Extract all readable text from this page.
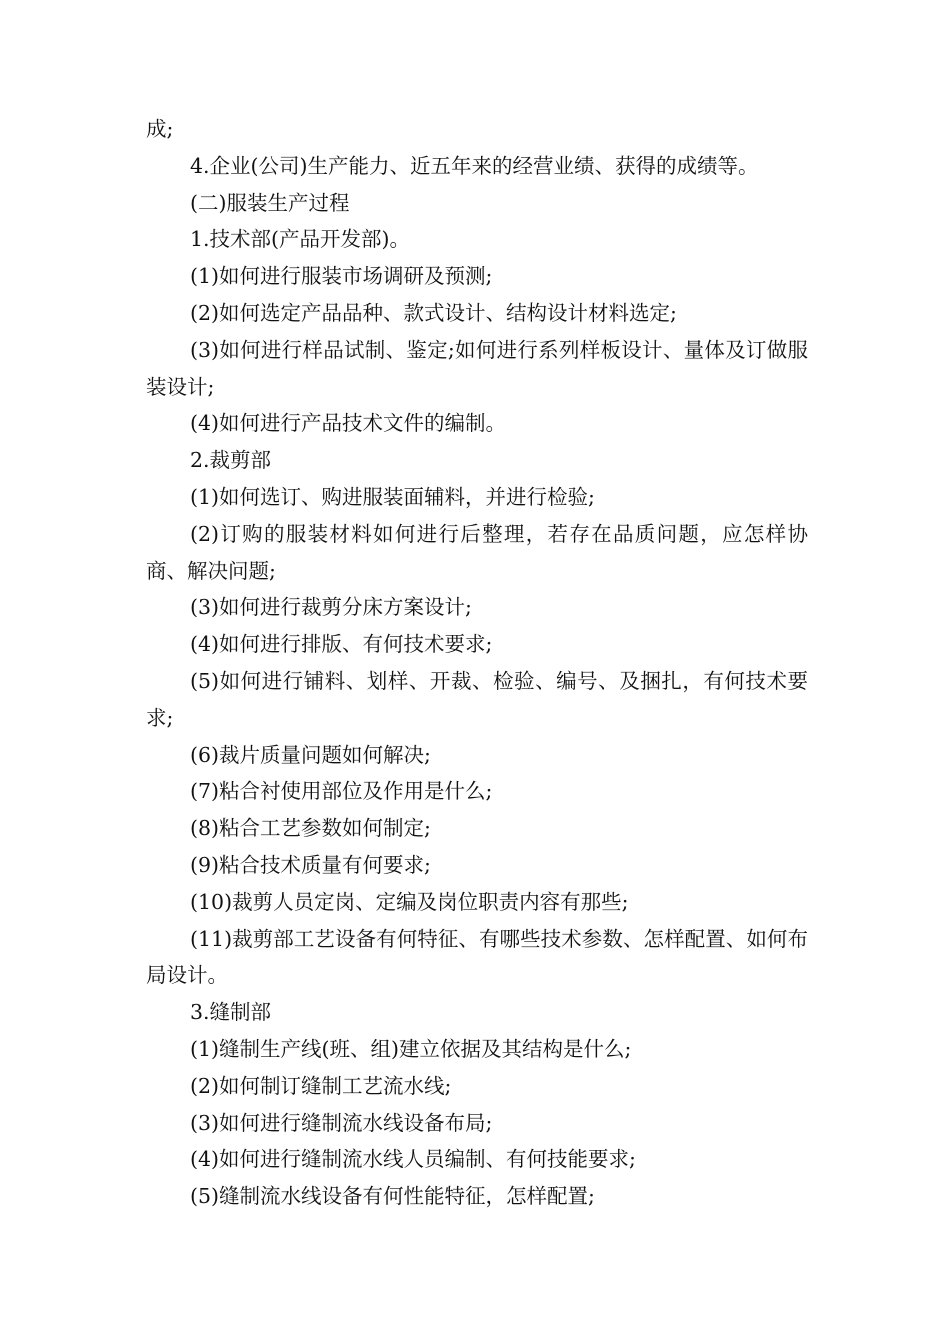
成;

4.企业(公司)生产能力、近五年来的经营业绩、获得的成绩等。

(二)服装生产过程

1.技术部(产品开发部)。

(1)如何进行服装市场调研及预测;

(2)如何选定产品品种、款式设计、结构设计材料选定;

(3)如何进行样品试制、鉴定;如何进行系列样板设计、量体及订做服装设计;

(4)如何进行产品技术文件的编制。

2.裁剪部

(1)如何选订、购进服装面辅料，并进行检验;

(2)订购的服装材料如何进行后整理，若存在品质问题，应怎样协商、解决问题;

(3)如何进行裁剪分床方案设计;

(4)如何进行排版、有何技术要求;

(5)如何进行铺料、划样、开裁、检验、编号、及捆扎，有何技术要求;

(6)裁片质量问题如何解决;

(7)粘合衬使用部位及作用是什么;

(8)粘合工艺参数如何制定;

(9)粘合技术质量有何要求;

(10)裁剪人员定岗、定编及岗位职责内容有那些;

(11)裁剪部工艺设备有何特征、有哪些技术参数、怎样配置、如何布局设计。

3.缝制部

(1)缝制生产线(班、组)建立依据及其结构是什么;

(2)如何制订缝制工艺流水线;

(3)如何进行缝制流水线设备布局;

(4)如何进行缝制流水线人员编制、有何技能要求;

(5)缝制流水线设备有何性能特征，怎样配置;
